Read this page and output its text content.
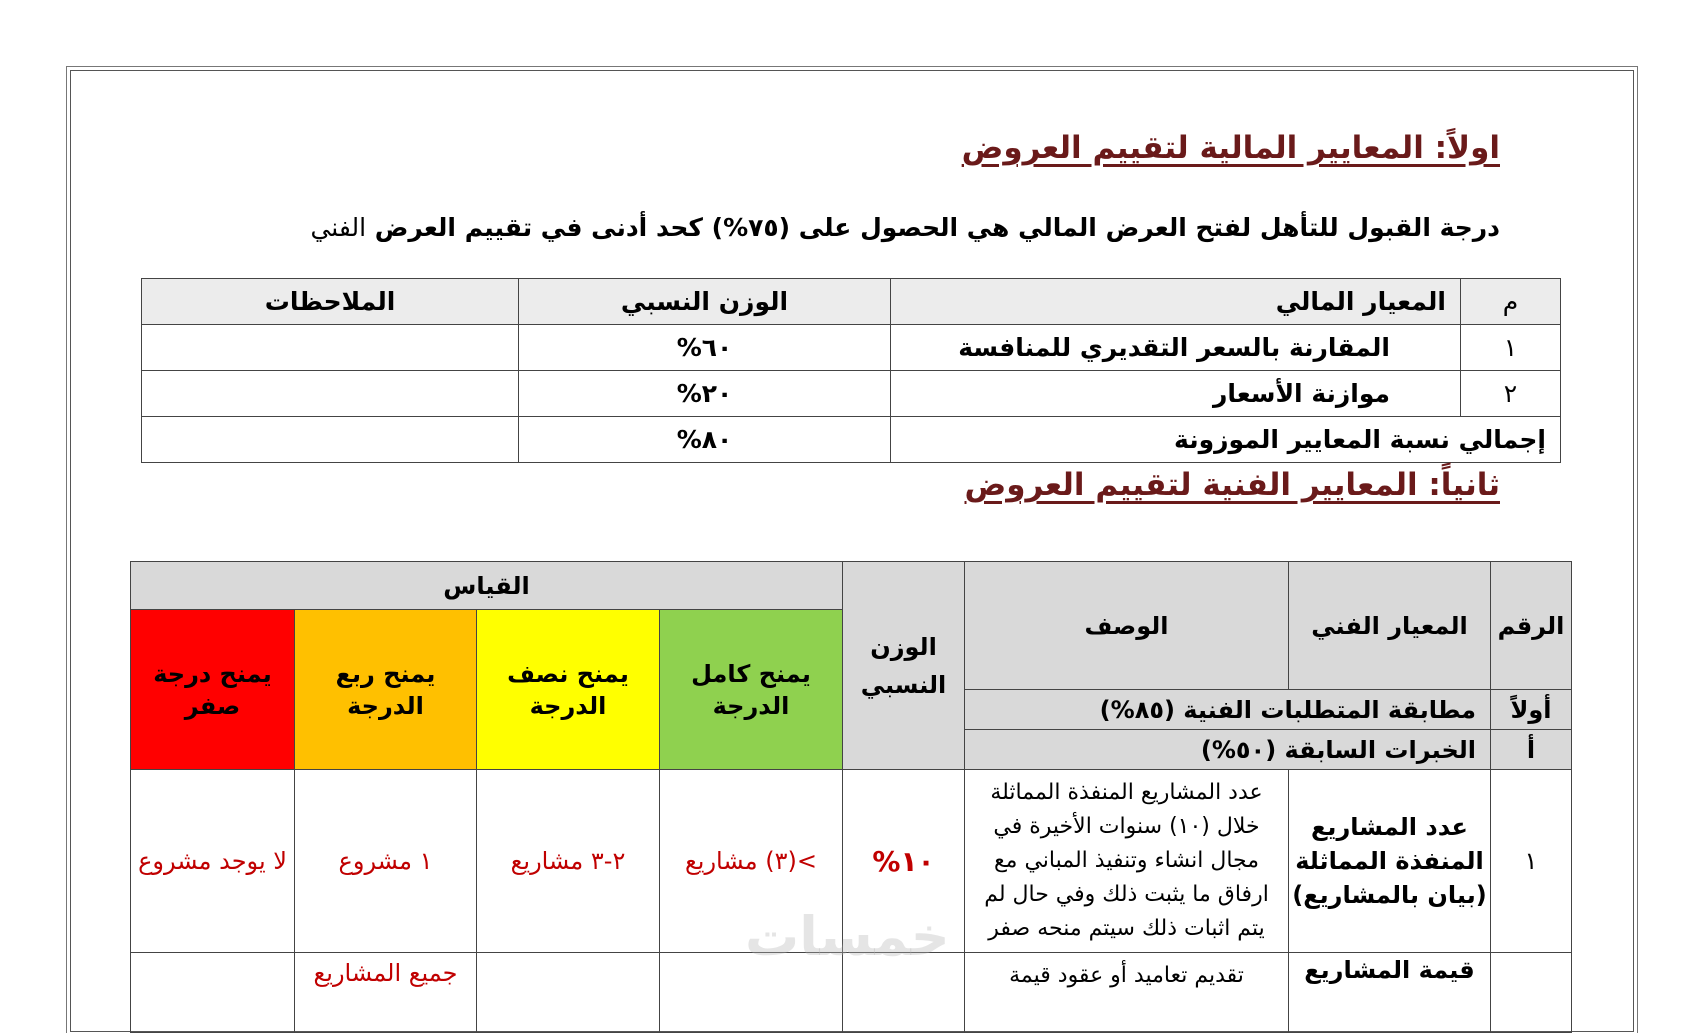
اولاً: المعايير المالية لتقييم العروض
درجة القبول للتأهل لفتح العرض المالي هي الحصول على (٧٥%) كحد أدنى في تقييم العرض الفني
م	المعيار المالي	الوزن النسبي	الملاحظات
١	المقارنة بالسعر التقديري للمنافسة	٦٠%	
٢	موازنة الأسعار	٢٠%	
إجمالي نسبة المعايير الموزونة		٨٠%	
ثانياً: المعايير الفنية لتقييم العروض
الرقم	المعيار الفني	الوصف	الوزن النسبي	القياس			
				يمنح كامل الدرجة	يمنح نصف الدرجة	يمنح ربع الدرجة	يمنح درجة صفر
أولاً	مطابقة المتطلبات الفنية (٨٥%)						
أ	الخبرات السابقة (٥٠%)						
١	عدد المشاريع المنفذة المماثلة (بيان بالمشاريع)	عدد المشاريع المنفذة المماثلة خلال (١٠) سنوات الأخيرة في مجال انشاء وتنفيذ المباني مع ارفاق ما يثبت ذلك وفي حال لم يتم اثبات ذلك سيتم منحه صفر	١٠%	>(٣) مشاريع	٢-٣ مشاريع	١ مشروع	لا يوجد مشروع
	قيمة المشاريع	تقديم تعاميد أو عقود قيمة				جميع المشاريع	
خمسات
